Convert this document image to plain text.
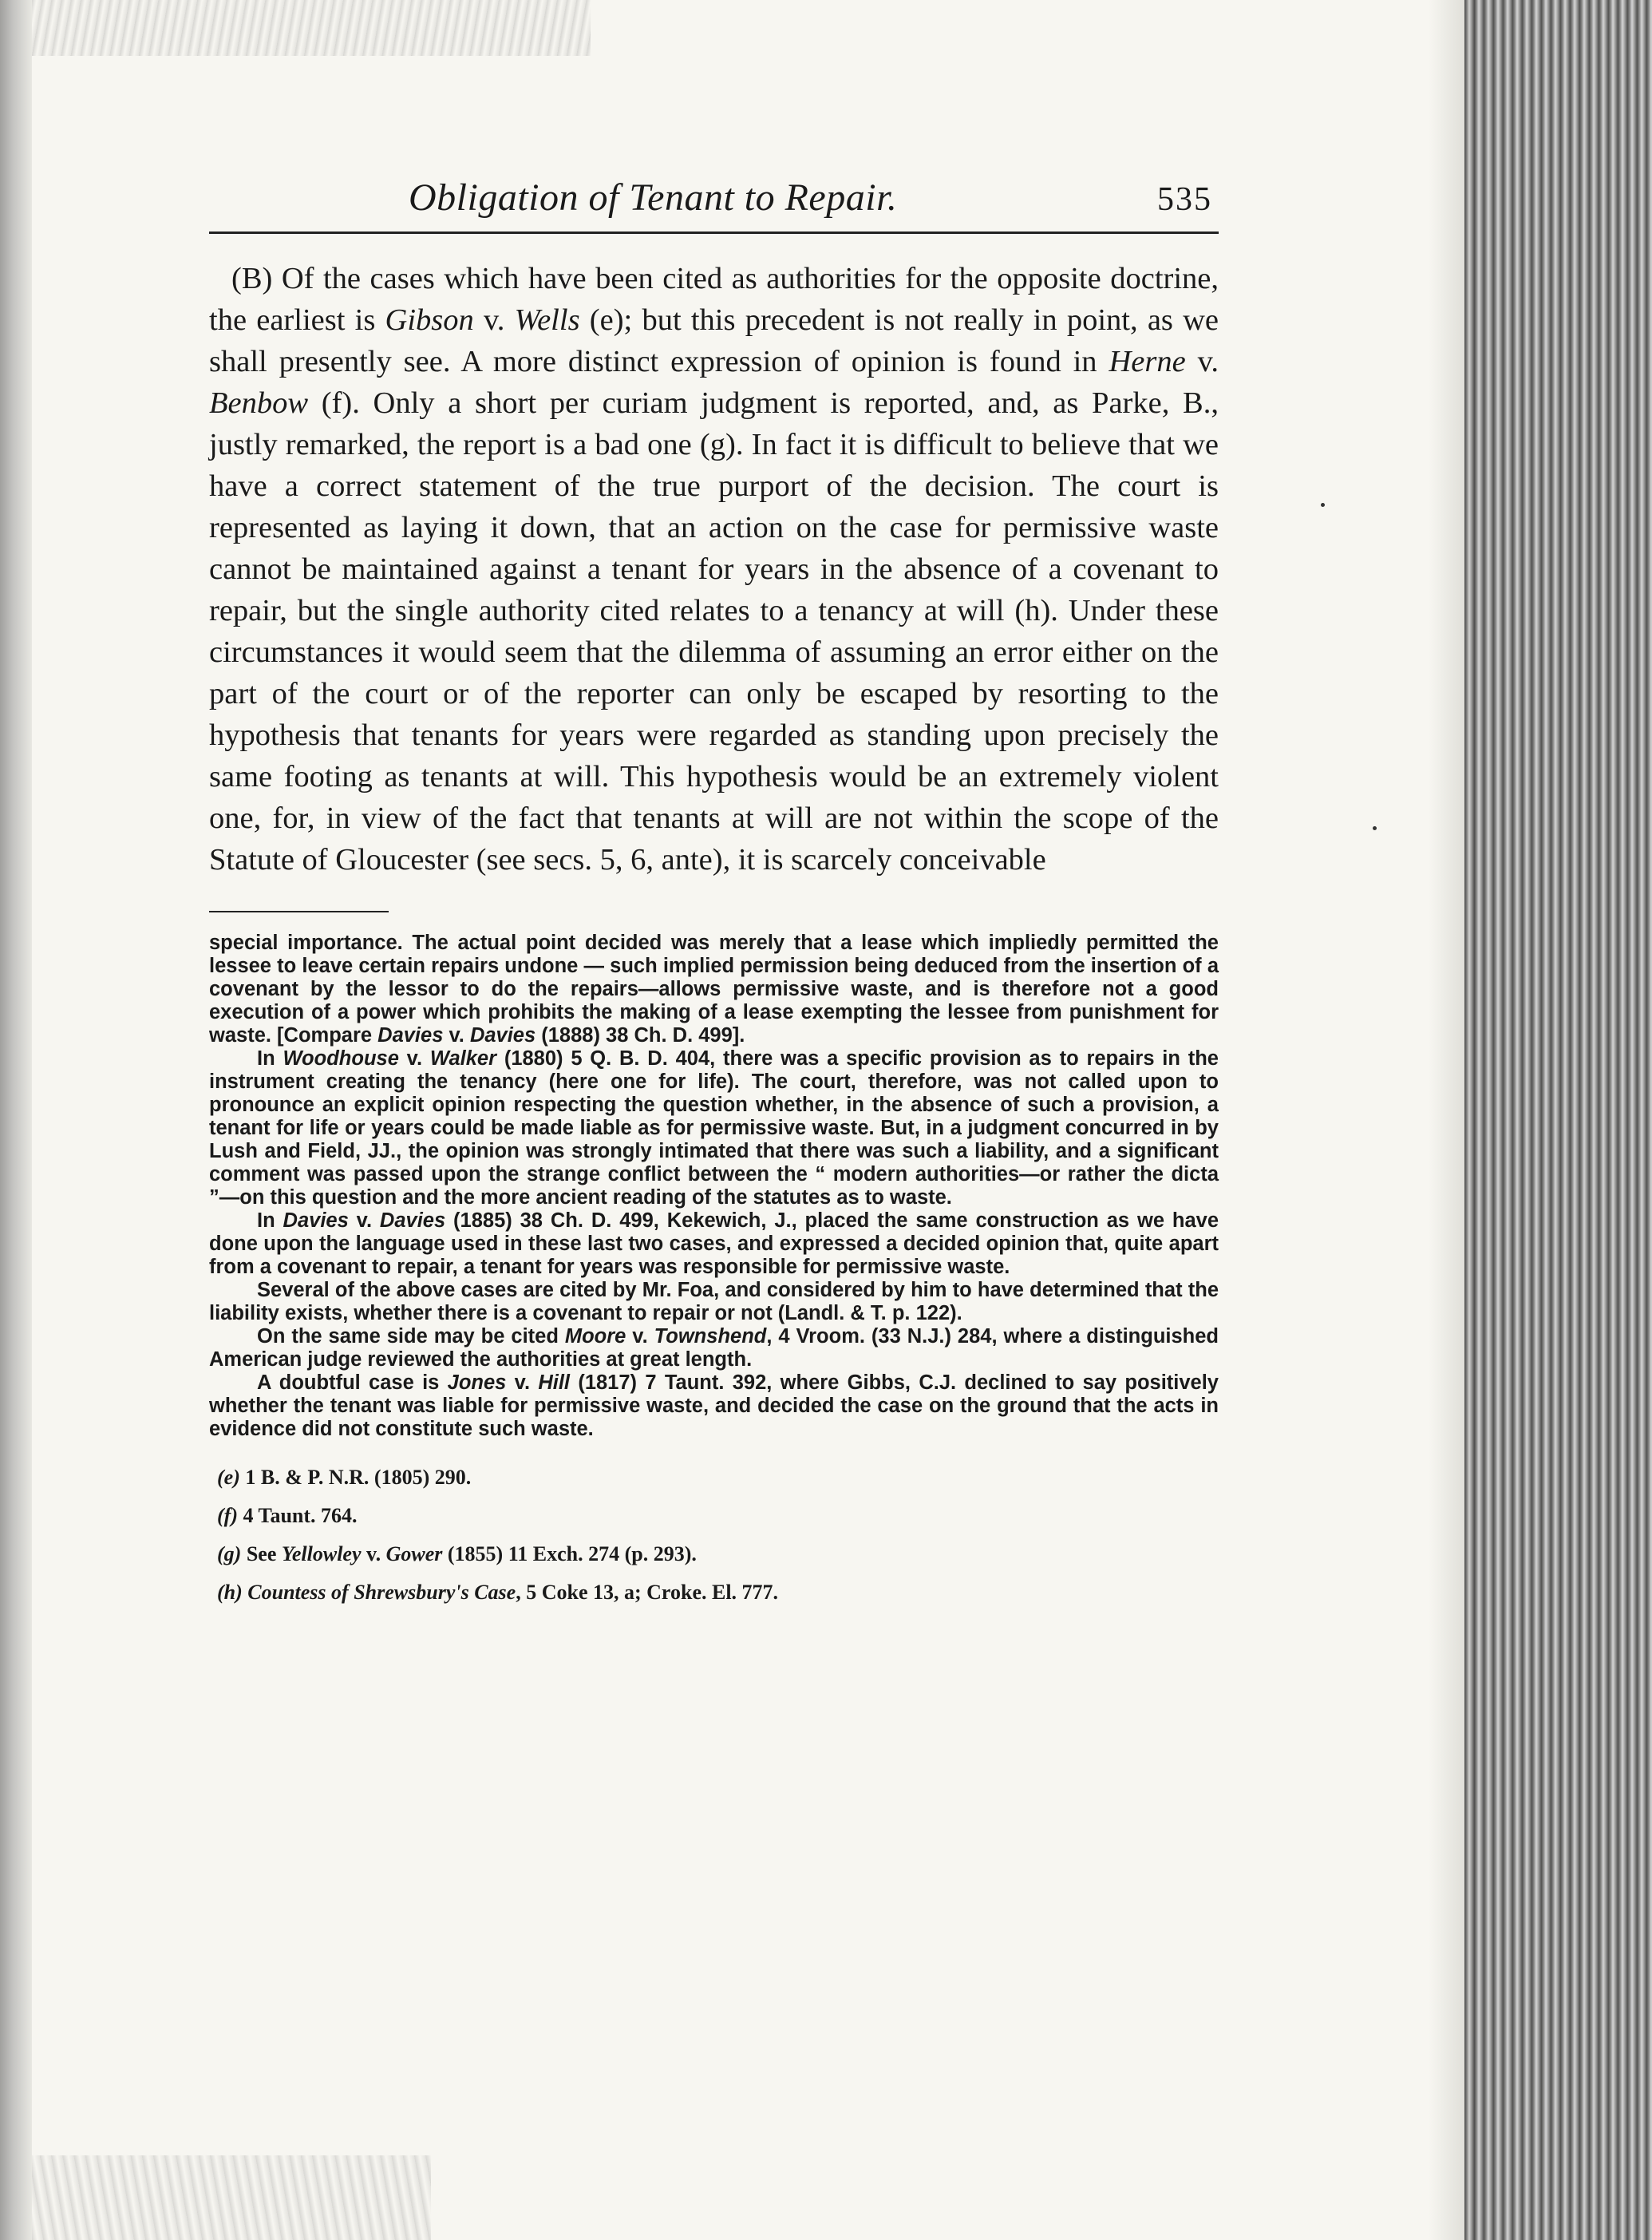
Obligation of Tenant to Repair.	535

(B) Of the cases which have been cited as authorities for the opposite doctrine, the earliest is Gibson v. Wells (e); but this precedent is not really in point, as we shall presently see. A more distinct expression of opinion is found in Herne v. Benbow (f). Only a short per curiam judgment is reported, and, as Parke, B., justly remarked, the report is a bad one (g). In fact it is difficult to believe that we have a correct statement of the true purport of the decision. The court is represented as laying it down, that an action on the case for permissive waste cannot be maintained against a tenant for years in the absence of a covenant to repair, but the single authority cited relates to a tenancy at will (h). Under these circumstances it would seem that the dilemma of assuming an error either on the part of the court or of the reporter can only be escaped by resorting to the hypothesis that tenants for years were regarded as standing upon precisely the same footing as tenants at will. This hypothesis would be an extremely violent one, for, in view of the fact that tenants at will are not within the scope of the Statute of Gloucester (see secs. 5, 6, ante), it is scarcely conceivable

special importance. The actual point decided was merely that a lease which impliedly permitted the lessee to leave certain repairs undone — such implied permission being deduced from the insertion of a covenant by the lessor to do the repairs—allows permissive waste, and is therefore not a good execution of a power which prohibits the making of a lease exempting the lessee from punishment for waste. [Compare Davies v. Davies (1888) 38 Ch. D. 499].

In Woodhouse v. Walker (1880) 5 Q. B. D. 404, there was a specific provision as to repairs in the instrument creating the tenancy (here one for life). The court, therefore, was not called upon to pronounce an explicit opinion respecting the question whether, in the absence of such a provision, a tenant for life or years could be made liable as for permissive waste. But, in a judgment concurred in by Lush and Field, JJ., the opinion was strongly intimated that there was such a liability, and a significant comment was passed upon the strange conflict between the “ modern authorities—or rather the dicta ”—on this question and the more ancient reading of the statutes as to waste.

In Davies v. Davies (1885) 38 Ch. D. 499, Kekewich, J., placed the same construction as we have done upon the language used in these last two cases, and expressed a decided opinion that, quite apart from a covenant to repair, a tenant for years was responsible for permissive waste.

Several of the above cases are cited by Mr. Foa, and considered by him to have determined that the liability exists, whether there is a covenant to repair or not (Landl. & T. p. 122).

On the same side may be cited Moore v. Townshend, 4 Vroom. (33 N.J.) 284, where a distinguished American judge reviewed the authorities at great length.

A doubtful case is Jones v. Hill (1817) 7 Taunt. 392, where Gibbs, C.J. declined to say positively whether the tenant was liable for permissive waste, and decided the case on the ground that the acts in evidence did not constitute such waste.

(e) 1 B. & P. N.R. (1805) 290.
(f) 4 Taunt. 764.
(g) See Yellowley v. Gower (1855) 11 Exch. 274 (p. 293).
(h) Countess of Shrewsbury's Case, 5 Coke 13, a; Croke. El. 777.
